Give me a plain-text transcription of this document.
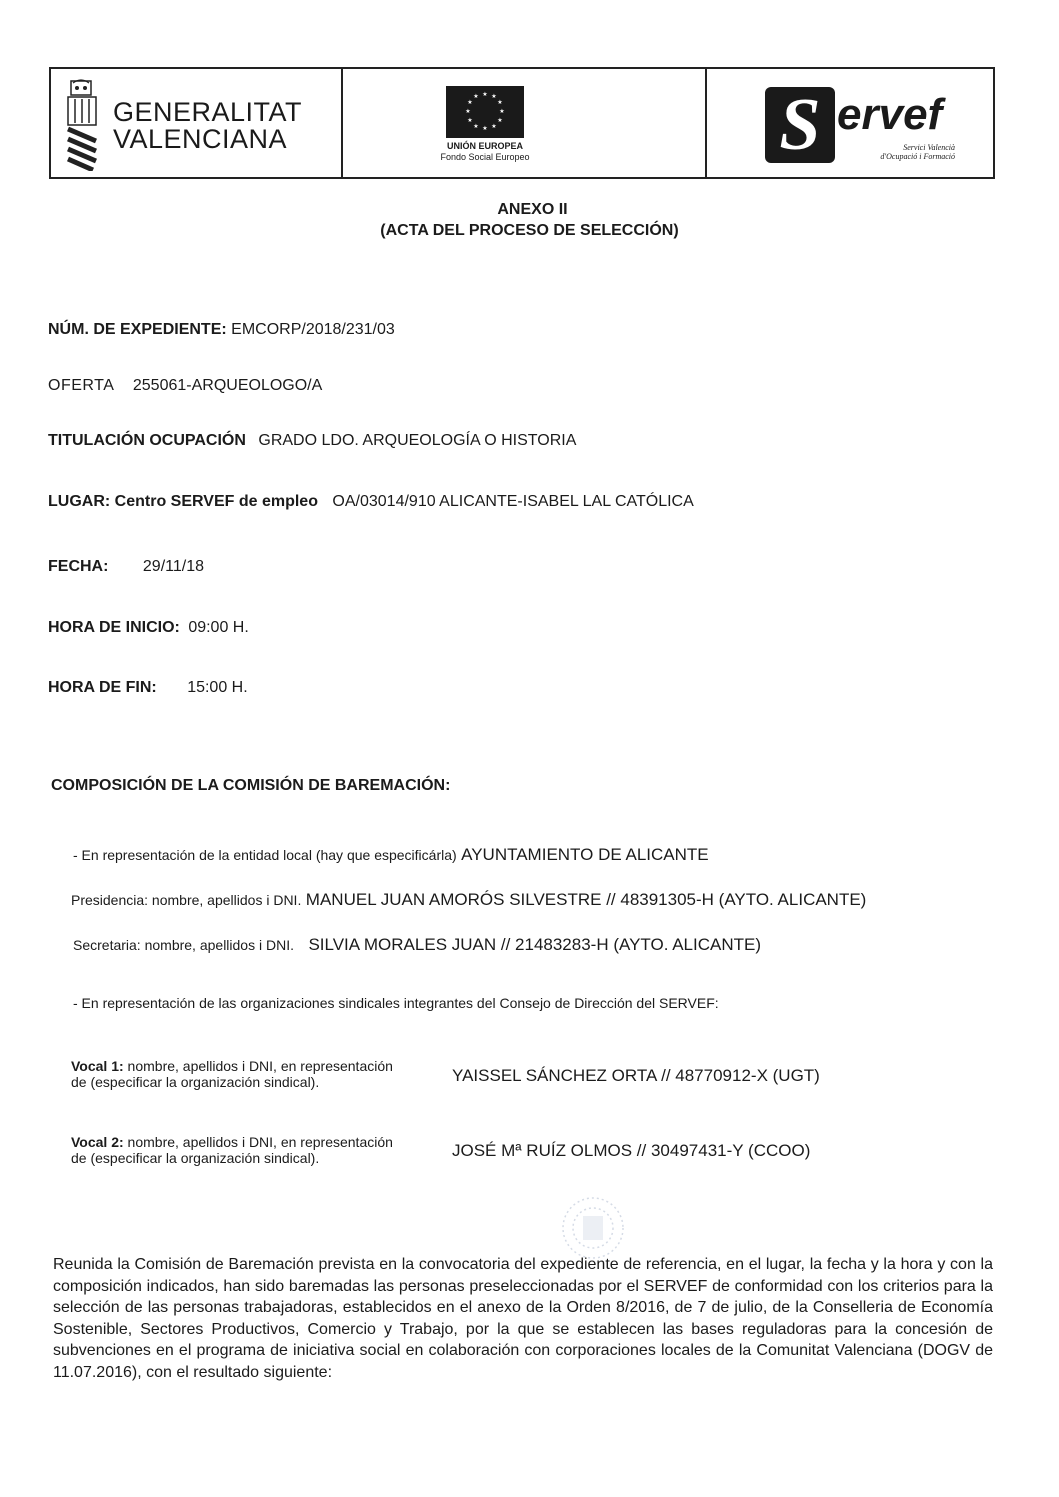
GENERALITAT
VALENCIANA
★ ★
★
★
★
★
★
★
★
★
★
★
UNIÓN EUROPEA
Fondo Social Europeo	S ervef
Servici Valencià
d'Ocupació i Formació
ANEXO II
(ACTA DEL PROCESO DE SELECCIÓN)
NÚM. DE EXPEDIENTE: EMCORP/2018/231/03
OFERTA 255061-ARQUEOLOGO/A
TITULACIÓN OCUPACIÓN GRADO LDO. ARQUEOLOGÍA O HISTORIA
LUGAR: Centro SERVEF de empleo OA/03014/910 ALICANTE-ISABEL LAL CATÓLICA
FECHA: 29/11/18
HORA DE INICIO: 09:00 H.
HORA DE FIN: 15:00 H.
COMPOSICIÓN DE LA COMISIÓN DE BAREMACIÓN:
- En representación de la entidad local (hay que especificárla) AYUNTAMIENTO DE ALICANTE
Presidencia: nombre, apellidos i DNI. MANUEL JUAN AMORÓS SILVESTRE // 48391305-H (AYTO. ALICANTE)
Secretaria: nombre, apellidos i DNI. SILVIA MORALES JUAN // 21483283-H (AYTO. ALICANTE)
- En representación de las organizaciones sindicales integrantes del Consejo de Dirección del SERVEF:
Vocal 1: nombre, apellidos i DNI, en representación
de (especificar la organización sindical).	YAISSEL SÁNCHEZ ORTA // 48770912-X (UGT)
Vocal 2: nombre, apellidos i DNI, en representación
de (especificar la organización sindical).	JOSÉ Mª RUÍZ OLMOS // 30497431-Y (CCOO)
Reunida la Comisión de Baremación prevista en la convocatoria del expediente de referencia, en el lugar, la fecha y la hora y con la composición indicados, han sido baremadas las personas preseleccionadas por el SERVEF de conformidad con los criterios para la selección de las personas trabajadoras, establecidos en el anexo de la Orden 8/2016, de 7 de julio, de la Conselleria de Economía Sostenible, Sectores Productivos, Comercio y Trabajo, por la que se establecen las bases reguladoras para la concesión de subvenciones en el programa de iniciativa social en colaboración con corporaciones locales de la Comunitat Valenciana (DOGV de 11.07.2016), con el resultado siguiente:
